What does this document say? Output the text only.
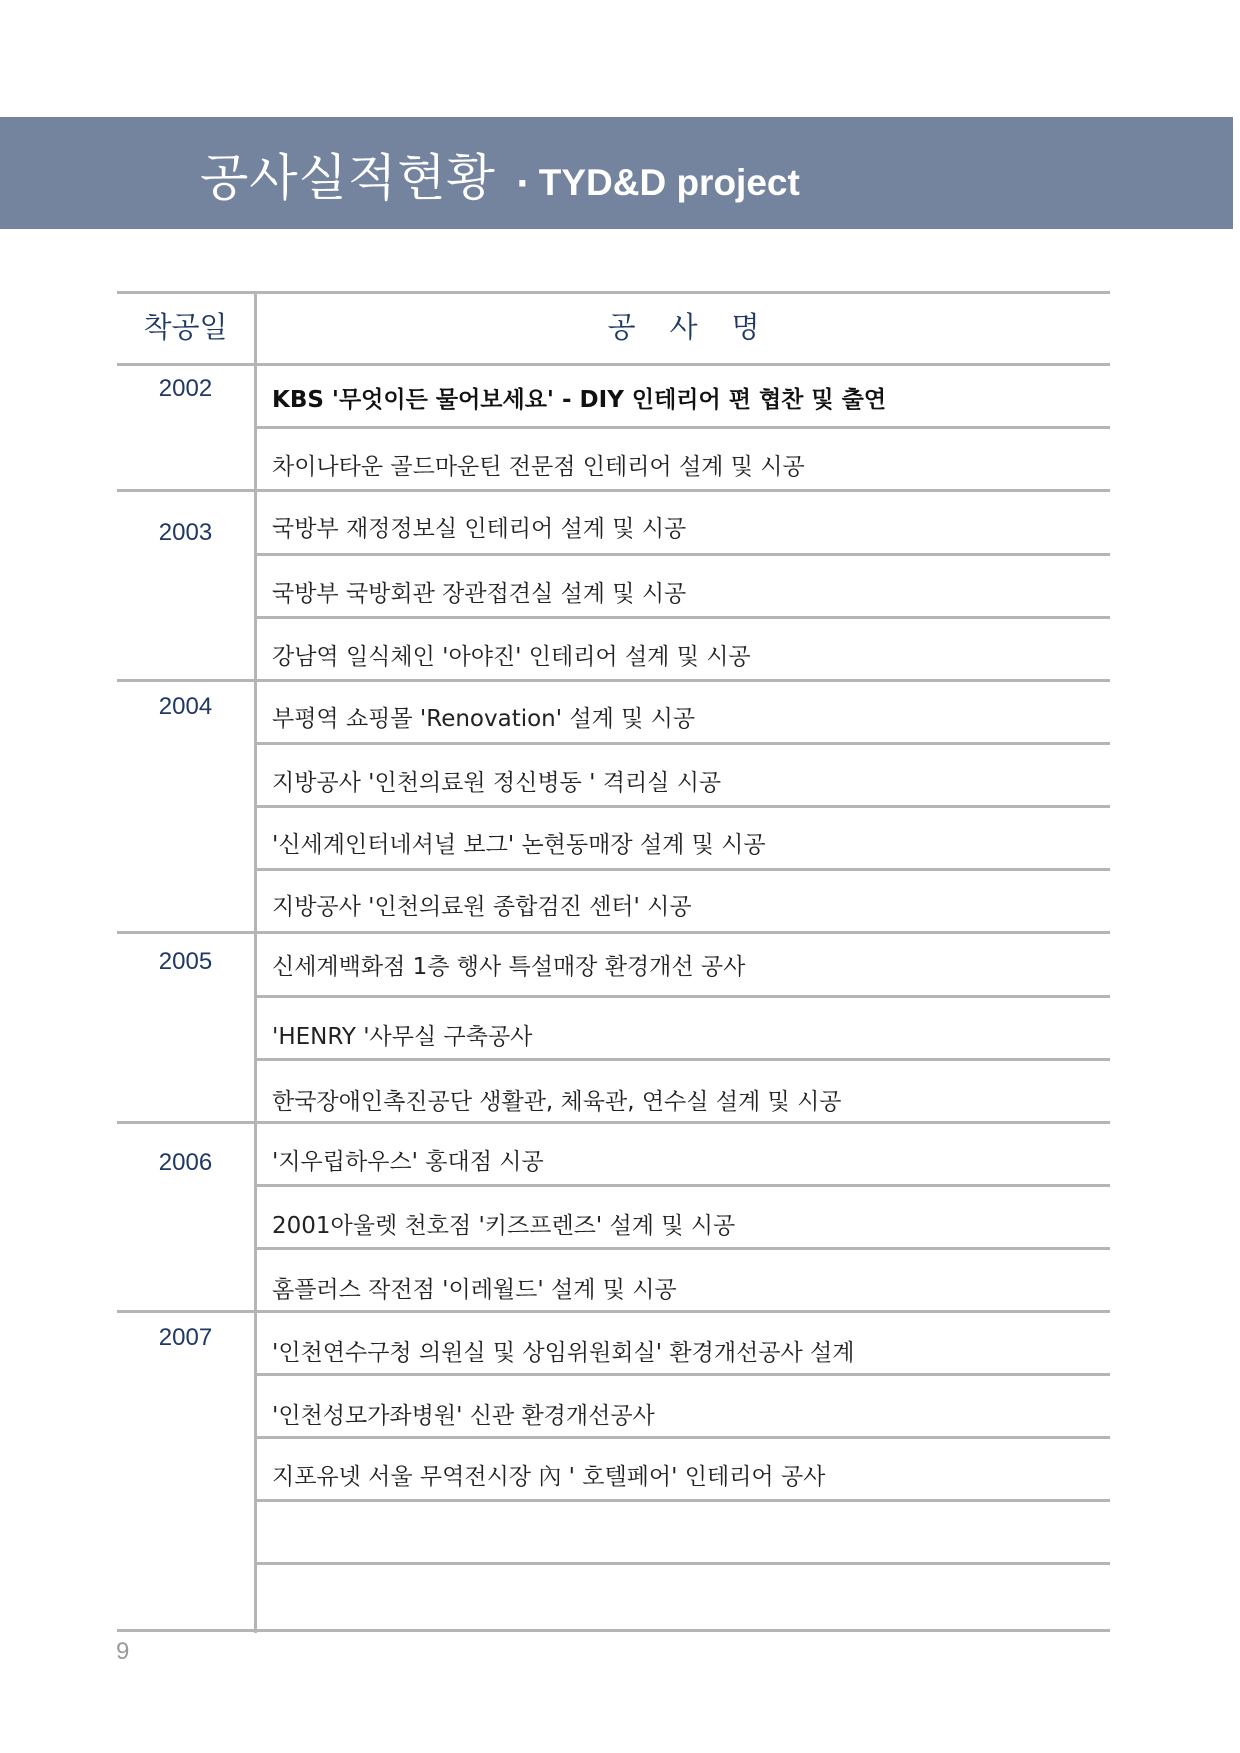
공사실적현황 · TYD&D project
착공일	공사명
2002
2003
2004
2005
2006
2007
KBS '무엇이든 물어보세요' - DIY 인테리어 편 협찬 및 출연
차이나타운 골드마운틴 전문점 인테리어 설계 및 시공
국방부 재정정보실 인테리어 설계 및 시공
국방부 국방회관 장관접견실 설계 및 시공
강남역 일식체인 '아야진' 인테리어 설계 및 시공
부평역 쇼핑몰 'Renovation' 설계 및 시공
지방공사 '인천의료원 정신병동 ' 격리실 시공
'신세계인터네셔널 보그' 논현동매장 설계 및 시공
지방공사 '인천의료원 종합검진 센터' 시공
신세계백화점 1층 행사 특설매장 환경개선 공사
'HENRY '사무실 구축공사
한국장애인촉진공단 생활관, 체육관, 연수실 설계 및 시공
'지우립하우스' 홍대점 시공
2001아울렛 천호점 '키즈프렌즈' 설계 및 시공
홈플러스 작전점 '이레월드' 설계 및 시공
'인천연수구청 의원실 및 상임위원회실' 환경개선공사 설계
'인천성모가좌병원' 신관 환경개선공사
지포유넷 서울 무역전시장 內 ' 호텔페어' 인테리어 공사
9
